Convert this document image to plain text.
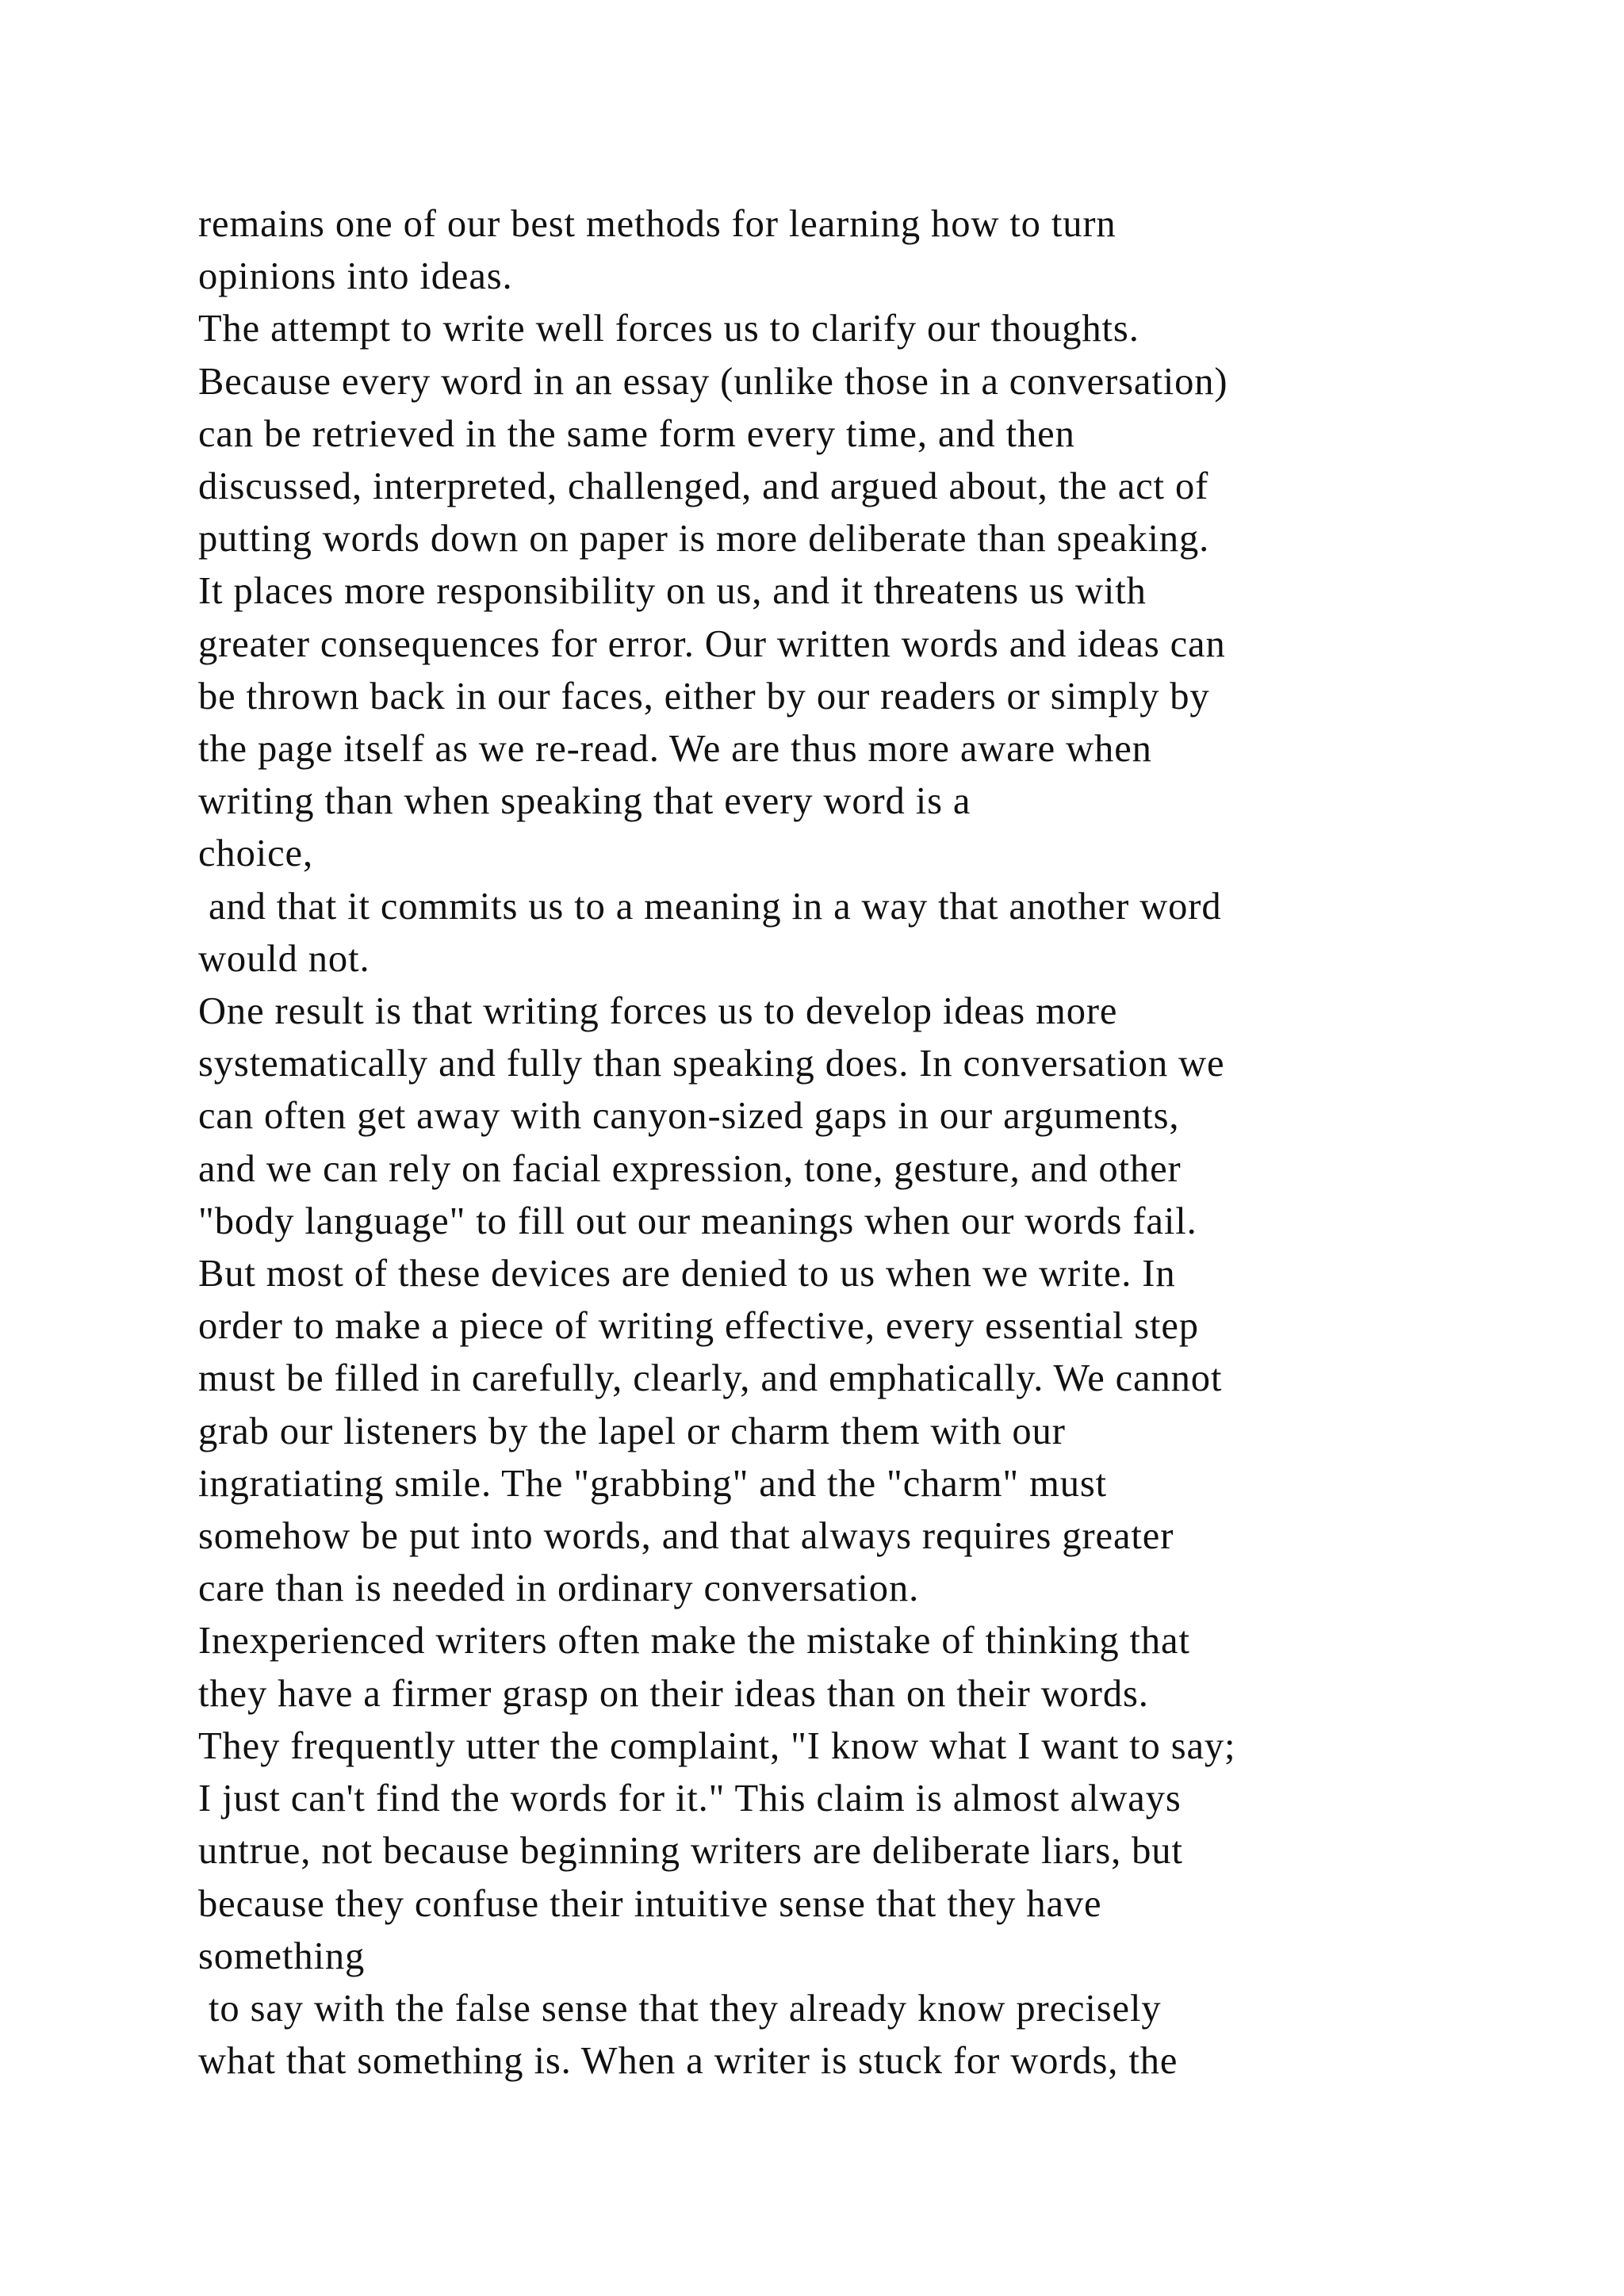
remains one of our best methods for learning how to turn
opinions into ideas.
The attempt to write well forces us to clarify our thoughts.
Because every word in an essay (unlike those in a conversation)
can be retrieved in the same form every time, and then
discussed, interpreted, challenged, and argued about, the act of
putting words down on paper is more deliberate than speaking.
It places more responsibility on us, and it threatens us with
greater consequences for error. Our written words and ideas can
be thrown back in our faces, either by our readers or simply by
the page itself as we re-read. We are thus more aware when
writing than when speaking that every word is a
choice,
and that it commits us to a meaning in a way that another word
would not.
One result is that writing forces us to develop ideas more
systematically and fully than speaking does. In conversation we
can often get away with canyon-sized gaps in our arguments,
and we can rely on facial expression, tone, gesture, and other
"body language" to fill out our meanings when our words fail.
But most of these devices are denied to us when we write. In
order to make a piece of writing effective, every essential step
must be filled in carefully, clearly, and emphatically. We cannot
grab our listeners by the lapel or charm them with our
ingratiating smile. The "grabbing" and the "charm" must
somehow be put into words, and that always requires greater
care than is needed in ordinary conversation.
Inexperienced writers often make the mistake of thinking that
they have a firmer grasp on their ideas than on their words.
They frequently utter the complaint, "I know what I want to say;
I just can't find the words for it." This claim is almost always
untrue, not because beginning writers are deliberate liars, but
because they confuse their intuitive sense that they have
something
to say with the false sense that they already know precisely
what that something is. When a writer is stuck for words, the
